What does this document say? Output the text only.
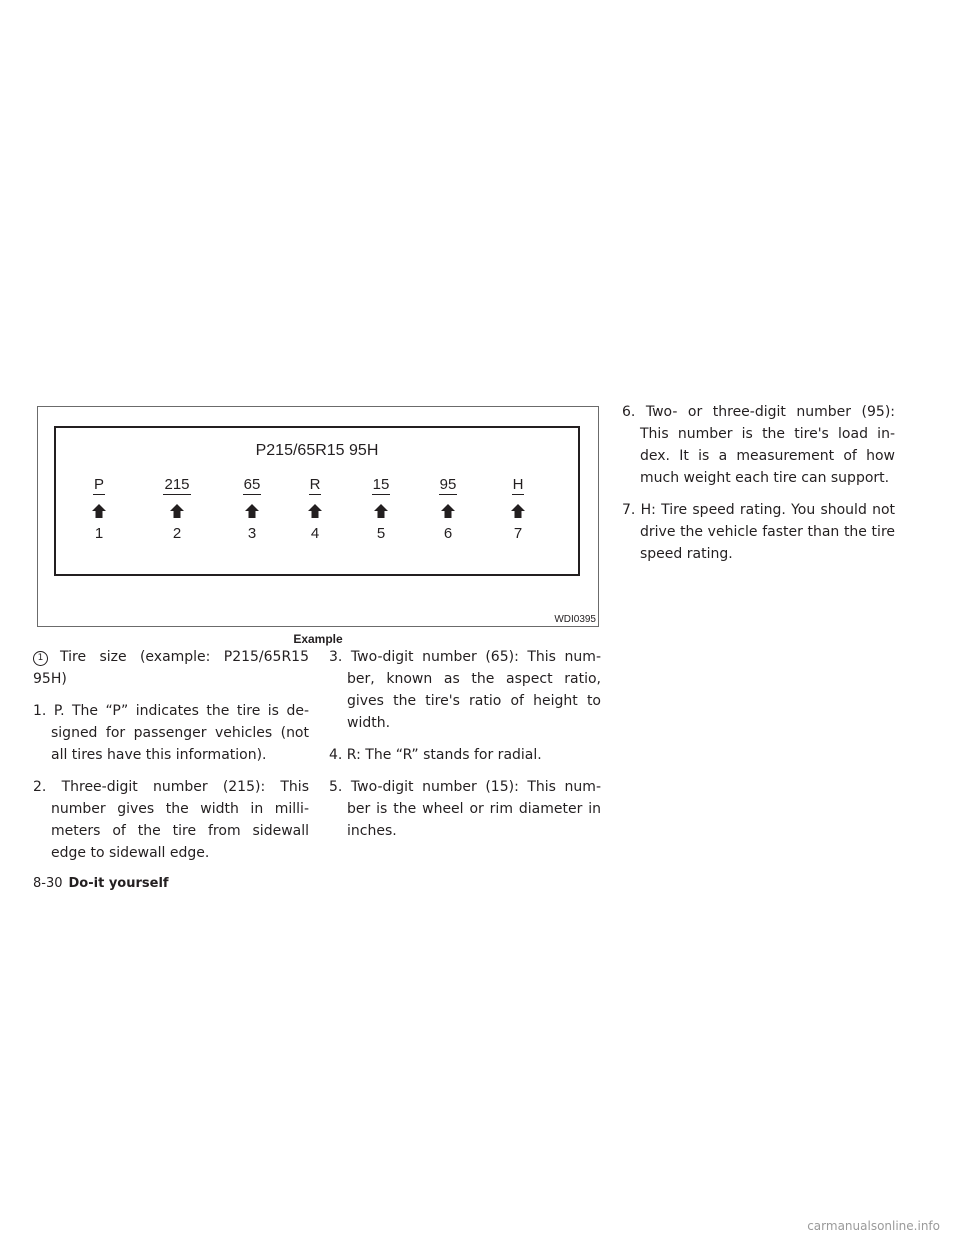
P215/65R15 95H
P
1
215
2
65
3
R
4
15
5
95
6
H
7
WDI0395
Example

1 Tire size (example: P215/65R15 95H)

1. P. The “P” indicates the tire is de-signed for passenger vehicles (not all tires have this information).

2. Three-digit number (215): This number gives the width in milli-meters of the tire from sidewall edge to sidewall edge.

3. Two-digit number (65): This num-ber, known as the aspect ratio, gives the tire's ratio of height to width.

4. R: The “R” stands for radial.

5. Two-digit number (15): This num-ber is the wheel or rim diameter in inches.

6. Two- or three-digit number (95): This number is the tire's load in-dex. It is a measurement of how much weight each tire can support.

7. H: Tire speed rating. You should not drive the vehicle faster than the tire speed rating.

8-30 Do-it yourself
carmanualsonline.info
